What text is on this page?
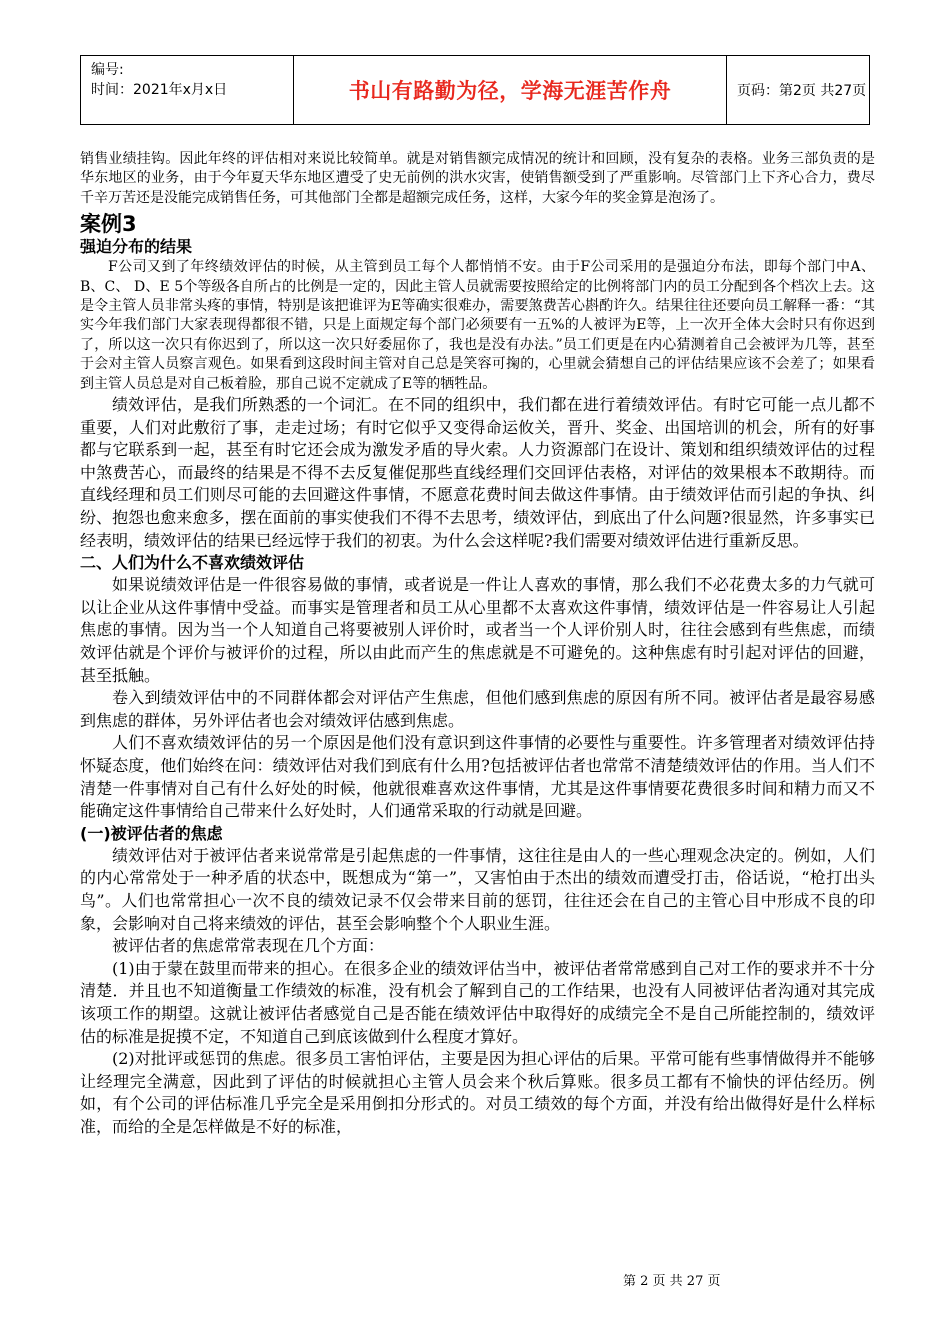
编号:
时间：2021年x月x日	书山有路勤为径，学海无涯苦作舟	页码：第2页 共27页

销售业绩挂钩。因此年终的评估相对来说比较简单。就是对销售额完成情况的统计和回顾，没有复杂的表格。业务三部负责的是华东地区的业务，由于今年夏天华东地区遭受了史无前例的洪水灾害，使销售额受到了严重影响。尽管部门上下齐心合力，费尽千辛万苦还是没能完成销售任务，可其他部门全都是超额完成任务，这样，大家今年的奖金算是泡汤了。

案例3
强迫分布的结果

F公司又到了年终绩效评估的时候，从主管到员工每个人都悄悄不安。由于F公司采用的是强迫分布法，即每个部门中A、B、C、 D、E 5个等级各自所占的比例是一定的，因此主管人员就需要按照给定的比例将部门内的员工分配到各个档次上去。这是令主管人员非常头疼的事情，特别是该把谁评为E等确实很难办，需要煞费苦心斟酌许久。结果往往还要向员工解释一番：“其实今年我们部门大家表现得都很不错，只是上面规定每个部门必须要有一五%的人被评为E等，上一次开全体大会时只有你迟到了，所以这一次只有你迟到了，所以这一次只好委屈你了，我也是没有办法。”员工们更是在内心猜测着自己会被评为几等，甚至于会对主管人员察言观色。如果看到这段时间主管对自己总是笑容可掬的，心里就会猜想自己的评估结果应该不会差了；如果看到主管人员总是对自己板着脸，那自己说不定就成了E等的牺牲品。

绩效评估，是我们所熟悉的一个词汇。在不同的组织中，我们都在进行着绩效评估。有时它可能一点儿都不重要，人们对此敷衍了事，走走过场；有时它似乎又变得命运攸关，晋升、奖金、出国培训的机会，所有的好事都与它联系到一起，甚至有时它还会成为激发矛盾的导火索。人力资源部门在设计、策划和组织绩效评估的过程中煞费苦心，而最终的结果是不得不去反复催促那些直线经理们交回评估表格，对评估的效果根本不敢期待。而直线经理和员工们则尽可能的去回避这件事情，不愿意花费时间去做这件事情。由于绩效评估而引起的争执、纠纷、抱怨也愈来愈多，摆在面前的事实使我们不得不去思考，绩效评估，到底出了什么问题?很显然，许多事实已经表明，绩效评估的结果已经远悖于我们的初衷。为什么会这样呢?我们需要对绩效评估进行重新反思。

二、人们为什么不喜欢绩效评估

如果说绩效评估是一件很容易做的事情，或者说是一件让人喜欢的事情，那么我们不必花费太多的力气就可以让企业从这件事情中受益。而事实是管理者和员工从心里都不太喜欢这件事情，绩效评估是一件容易让人引起焦虑的事情。因为当一个人知道自己将要被别人评价时，或者当一个人评价别人时，往往会感到有些焦虑，而绩效评估就是个评价与被评价的过程，所以由此而产生的焦虑就是不可避免的。这种焦虑有时引起对评估的回避，甚至抵触。

卷入到绩效评估中的不同群体都会对评估产生焦虑，但他们感到焦虑的原因有所不同。被评估者是最容易感到焦虑的群体，另外评估者也会对绩效评估感到焦虑。

人们不喜欢绩效评估的另一个原因是他们没有意识到这件事情的必要性与重要性。许多管理者对绩效评估持怀疑态度，他们始终在问：绩效评估对我们到底有什么用?包括被评估者也常常不清楚绩效评估的作用。当人们不清楚一件事情对自己有什么好处的时候，他就很难喜欢这件事情，尤其是这件事情要花费很多时间和精力而又不能确定这件事情给自己带来什么好处时，人们通常采取的行动就是回避。

(一)被评估者的焦虑

绩效评估对于被评估者来说常常是引起焦虑的一件事情，这往往是由人的一些心理观念决定的。例如，人们的内心常常处于一种矛盾的状态中，既想成为“第一”，又害怕由于杰出的绩效而遭受打击，俗话说，“枪打出头鸟”。人们也常常担心一次不良的绩效记录不仅会带来目前的惩罚，往往还会在自己的主管心目中形成不良的印象，会影响对自己将来绩效的评估，甚至会影响整个个人职业生涯。

被评估者的焦虑常常表现在几个方面：

(1)由于蒙在鼓里而带来的担心。在很多企业的绩效评估当中，被评估者常常感到自己对工作的要求并不十分清楚．并且也不知道衡量工作绩效的标准，没有机会了解到自己的工作结果，也没有人同被评估者沟通对其完成该项工作的期望。这就让被评估者感觉自己是否能在绩效评估中取得好的成绩完全不是自己所能控制的，绩效评估的标准是捉摸不定，不知道自己到底该做到什么程度才算好。

(2)对批评或惩罚的焦虑。很多员工害怕评估，主要是因为担心评估的后果。平常可能有些事情做得并不能够让经理完全满意，因此到了评估的时候就担心主管人员会来个秋后算账。很多员工都有不愉快的评估经历。例如，有个公司的评估标准几乎完全是采用倒扣分形式的。对员工绩效的每个方面，并没有给出做得好是什么样标准，而给的全是怎样做是不好的标准，

第 2 页 共 27 页
